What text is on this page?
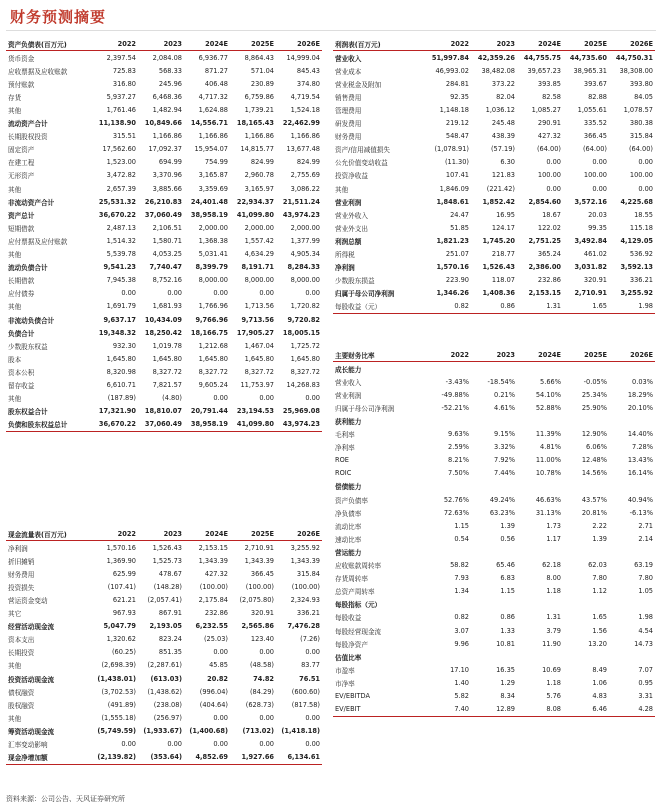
财务预测摘要
资产负债表(百万元)	2022	2023	2024E	2025E	2026E
货币资金	2,397.54	2,084.08	6,936.77	8,864.43	14,999.04
应收票据及应收账款	725.83	568.33	871.27	571.04	845.43
预付账款	316.80	245.96	406.48	230.89	374.80
存货	5,937.27	6,468.36	4,717.32	6,759.86	4,719.54
其他	1,761.46	1,482.94	1,624.88	1,739.21	1,524.18
流动资产合计	11,138.90	10,849.66	14,556.71	18,165.43	22,462.99
长期股权投资	315.51	1,166.86	1,166.86	1,166.86	1,166.86
固定资产	17,562.60	17,092.37	15,954.07	14,815.77	13,677.48
在建工程	1,523.00	694.99	754.99	824.99	824.99
无形资产	3,472.82	3,370.96	3,165.87	2,960.78	2,755.69
其他	2,657.39	3,885.66	3,359.69	3,165.97	3,086.22
非流动资产合计	25,531.32	26,210.83	24,401.48	22,934.37	21,511.24
资产总计	36,670.22	37,060.49	38,958.19	41,099.80	43,974.23
短期借款	2,487.13	2,106.51	2,000.00	2,000.00	2,000.00
应付票据及应付账款	1,514.32	1,580.71	1,368.38	1,557.42	1,377.99
其他	5,539.78	4,053.25	5,031.41	4,634.29	4,905.34
流动负债合计	9,541.23	7,740.47	8,399.79	8,191.71	8,284.33
长期借款	7,945.38	8,752.16	8,000.00	8,000.00	8,000.00
应付债券	0.00	0.00	0.00	0.00	0.00
其他	1,691.79	1,681.93	1,766.96	1,713.56	1,720.82
非流动负债合计	9,637.17	10,434.09	9,766.96	9,713.56	9,720.82
负债合计	19,348.32	18,250.42	18,166.75	17,905.27	18,005.15
少数股东权益	932.30	1,019.78	1,212.68	1,467.04	1,725.72
股本	1,645.80	1,645.80	1,645.80	1,645.80	1,645.80
资本公积	8,320.98	8,327.72	8,327.72	8,327.72	8,327.72
留存收益	6,610.71	7,821.57	9,605.24	11,753.97	14,268.83
其他	(187.89)	(4.80)	0.00	0.00	0.00
股东权益合计	17,321.90	18,810.07	20,791.44	23,194.53	25,969.08
负债和股东权益总计	36,670.22	37,060.49	38,958.19	41,099.80	43,974.23
利润表(百万元)	2022	2023	2024E	2025E	2026E
营业收入	51,997.84	42,359.26	44,755.75	44,735.60	44,750.31
营业成本	46,993.02	38,482.08	39,657.23	38,965.31	38,308.00
营业税金及附加	284.81	373.22	393.85	393.67	393.80
销售费用	92.35	82.04	82.58	82.88	84.05
管理费用	1,148.18	1,036.12	1,085.27	1,055.61	1,078.57
研发费用	219.12	245.48	290.91	335.52	380.38
财务费用	548.47	438.39	427.32	366.45	315.84
资产/信用减值损失	(1,078.91)	(57.19)	(64.00)	(64.00)	(64.00)
公允价值变动收益	(11.30)	6.30	0.00	0.00	0.00
投资净收益	107.41	121.83	100.00	100.00	100.00
其他	1,846.09	(221.42)	0.00	0.00	0.00
营业利润	1,848.61	1,852.42	2,854.60	3,572.16	4,225.68
营业外收入	24.47	16.95	18.67	20.03	18.55
营业外支出	51.85	124.17	122.02	99.35	115.18
利润总额	1,821.23	1,745.20	2,751.25	3,492.84	4,129.05
所得税	251.07	218.77	365.24	461.02	536.92
净利润	1,570.16	1,526.43	2,386.00	3,031.82	3,592.13
少数股东损益	223.90	118.07	232.86	320.91	336.21
归属于母公司净利润	1,346.26	1,408.36	2,153.15	2,710.91	3,255.92
每股收益（元）	0.82	0.86	1.31	1.65	1.98
主要财务比率	2022	2023	2024E	2025E	2026E
成长能力					
营业收入	-3.43%	-18.54%	5.66%	-0.05%	0.03%
营业利润	-49.88%	0.21%	54.10%	25.34%	18.29%
归属于母公司净利润	-52.21%	4.61%	52.88%	25.90%	20.10%
获利能力					
毛利率	9.63%	9.15%	11.39%	12.90%	14.40%
净利率	2.59%	3.32%	4.81%	6.06%	7.28%
ROE	8.21%	7.92%	11.00%	12.48%	13.43%
ROIC	7.50%	7.44%	10.78%	14.56%	16.14%
偿债能力					
资产负债率	52.76%	49.24%	46.63%	43.57%	40.94%
净负债率	72.63%	63.23%	31.13%	20.81%	-6.13%
流动比率	1.15	1.39	1.73	2.22	2.71
速动比率	0.54	0.56	1.17	1.39	2.14
营运能力					
应收账款周转率	58.82	65.46	62.18	62.03	63.19
存货周转率	7.93	6.83	8.00	7.80	7.80
总资产周转率	1.34	1.15	1.18	1.12	1.05
每股指标（元）					
每股收益	0.82	0.86	1.31	1.65	1.98
每股经营现金流	3.07	1.33	3.79	1.56	4.54
每股净资产	9.96	10.81	11.90	13.20	14.73
估值比率					
市盈率	17.10	16.35	10.69	8.49	7.07
市净率	1.40	1.29	1.18	1.06	0.95
EV/EBITDA	5.82	8.34	5.76	4.83	3.31
EV/EBIT	7.40	12.89	8.08	6.46	4.28
现金流量表(百万元)	2022	2023	2024E	2025E	2026E
净利润	1,570.16	1,526.43	2,153.15	2,710.91	3,255.92
折旧摊销	1,369.90	1,525.73	1,343.39	1,343.39	1,343.39
财务费用	625.99	478.67	427.32	366.45	315.84
投资损失	(107.41)	(148.28)	(100.00)	(100.00)	(100.00)
营运资金变动	621.21	(2,057.41)	2,175.84	(2,075.80)	2,324.93
其它	967.93	867.91	232.86	320.91	336.21
经营活动现金流	5,047.79	2,193.05	6,232.55	2,565.86	7,476.28
资本支出	1,320.62	823.24	(25.03)	123.40	(7.26)
长期投资	(60.25)	851.35	0.00	0.00	0.00
其他	(2,698.39)	(2,287.61)	45.85	(48.58)	83.77
投资活动现金流	(1,438.01)	(613.03)	20.82	74.82	76.51
债权融资	(3,702.53)	(1,438.62)	(996.04)	(84.29)	(600.60)
股权融资	(491.89)	(238.08)	(404.64)	(628.73)	(817.58)
其他	(1,555.18)	(256.97)	0.00	0.00	0.00
筹资活动现金流	(5,749.59)	(1,933.67)	(1,400.68)	(713.02)	(1,418.18)
汇率变动影响	0.00	0.00	0.00	0.00	0.00
现金净增加额	(2,139.82)	(353.64)	4,852.69	1,927.66	6,134.61
资料来源：公司公告、天风证券研究所
